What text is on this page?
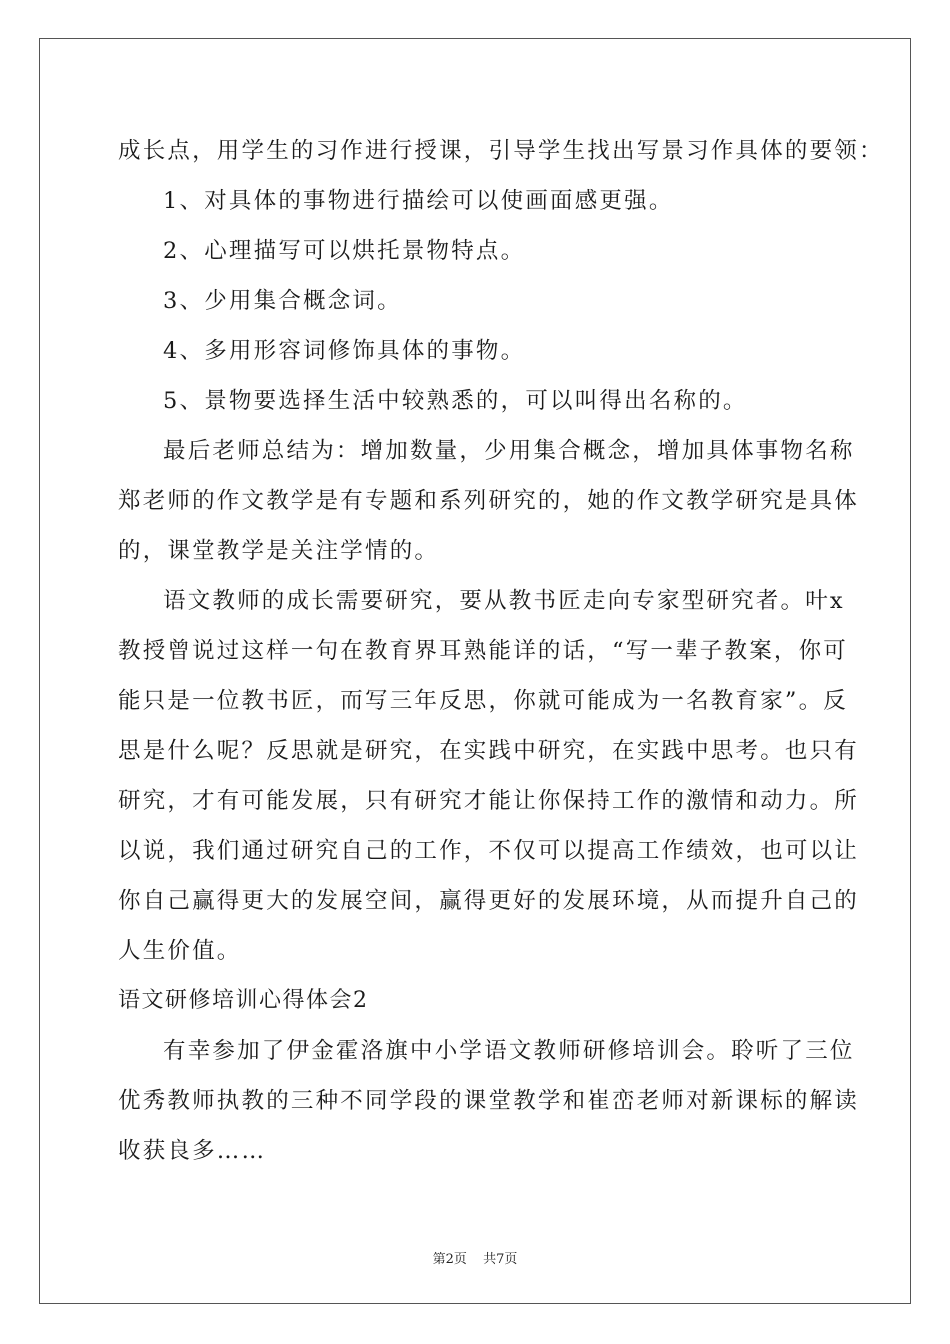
成长点，用学生的习作进行授课，引导学生找出写景习作具体的要领：
1、对具体的事物进行描绘可以使画面感更强。
2、心理描写可以烘托景物特点。
3、少用集合概念词。
4、多用形容词修饰具体的事物。
5、景物要选择生活中较熟悉的，可以叫得出名称的。
最后老师总结为：增加数量，少用集合概念，增加具体事物名称
郑老师的作文教学是有专题和系列研究的，她的作文教学研究是具体
的，课堂教学是关注学情的。
语文教师的成长需要研究，要从教书匠走向专家型研究者。叶x
教授曾说过这样一句在教育界耳熟能详的话，“写一辈子教案，你可
能只是一位教书匠，而写三年反思，你就可能成为一名教育家”。反
思是什么呢？反思就是研究，在实践中研究，在实践中思考。也只有
研究，才有可能发展，只有研究才能让你保持工作的激情和动力。所
以说，我们通过研究自己的工作，不仅可以提高工作绩效，也可以让
你自己赢得更大的发展空间，赢得更好的发展环境，从而提升自己的
人生价值。
语文研修培训心得体会2
有幸参加了伊金霍洛旗中小学语文教师研修培训会。聆听了三位
优秀教师执教的三种不同学段的课堂教学和崔峦老师对新课标的解读
收获良多……
第2页 共7页
